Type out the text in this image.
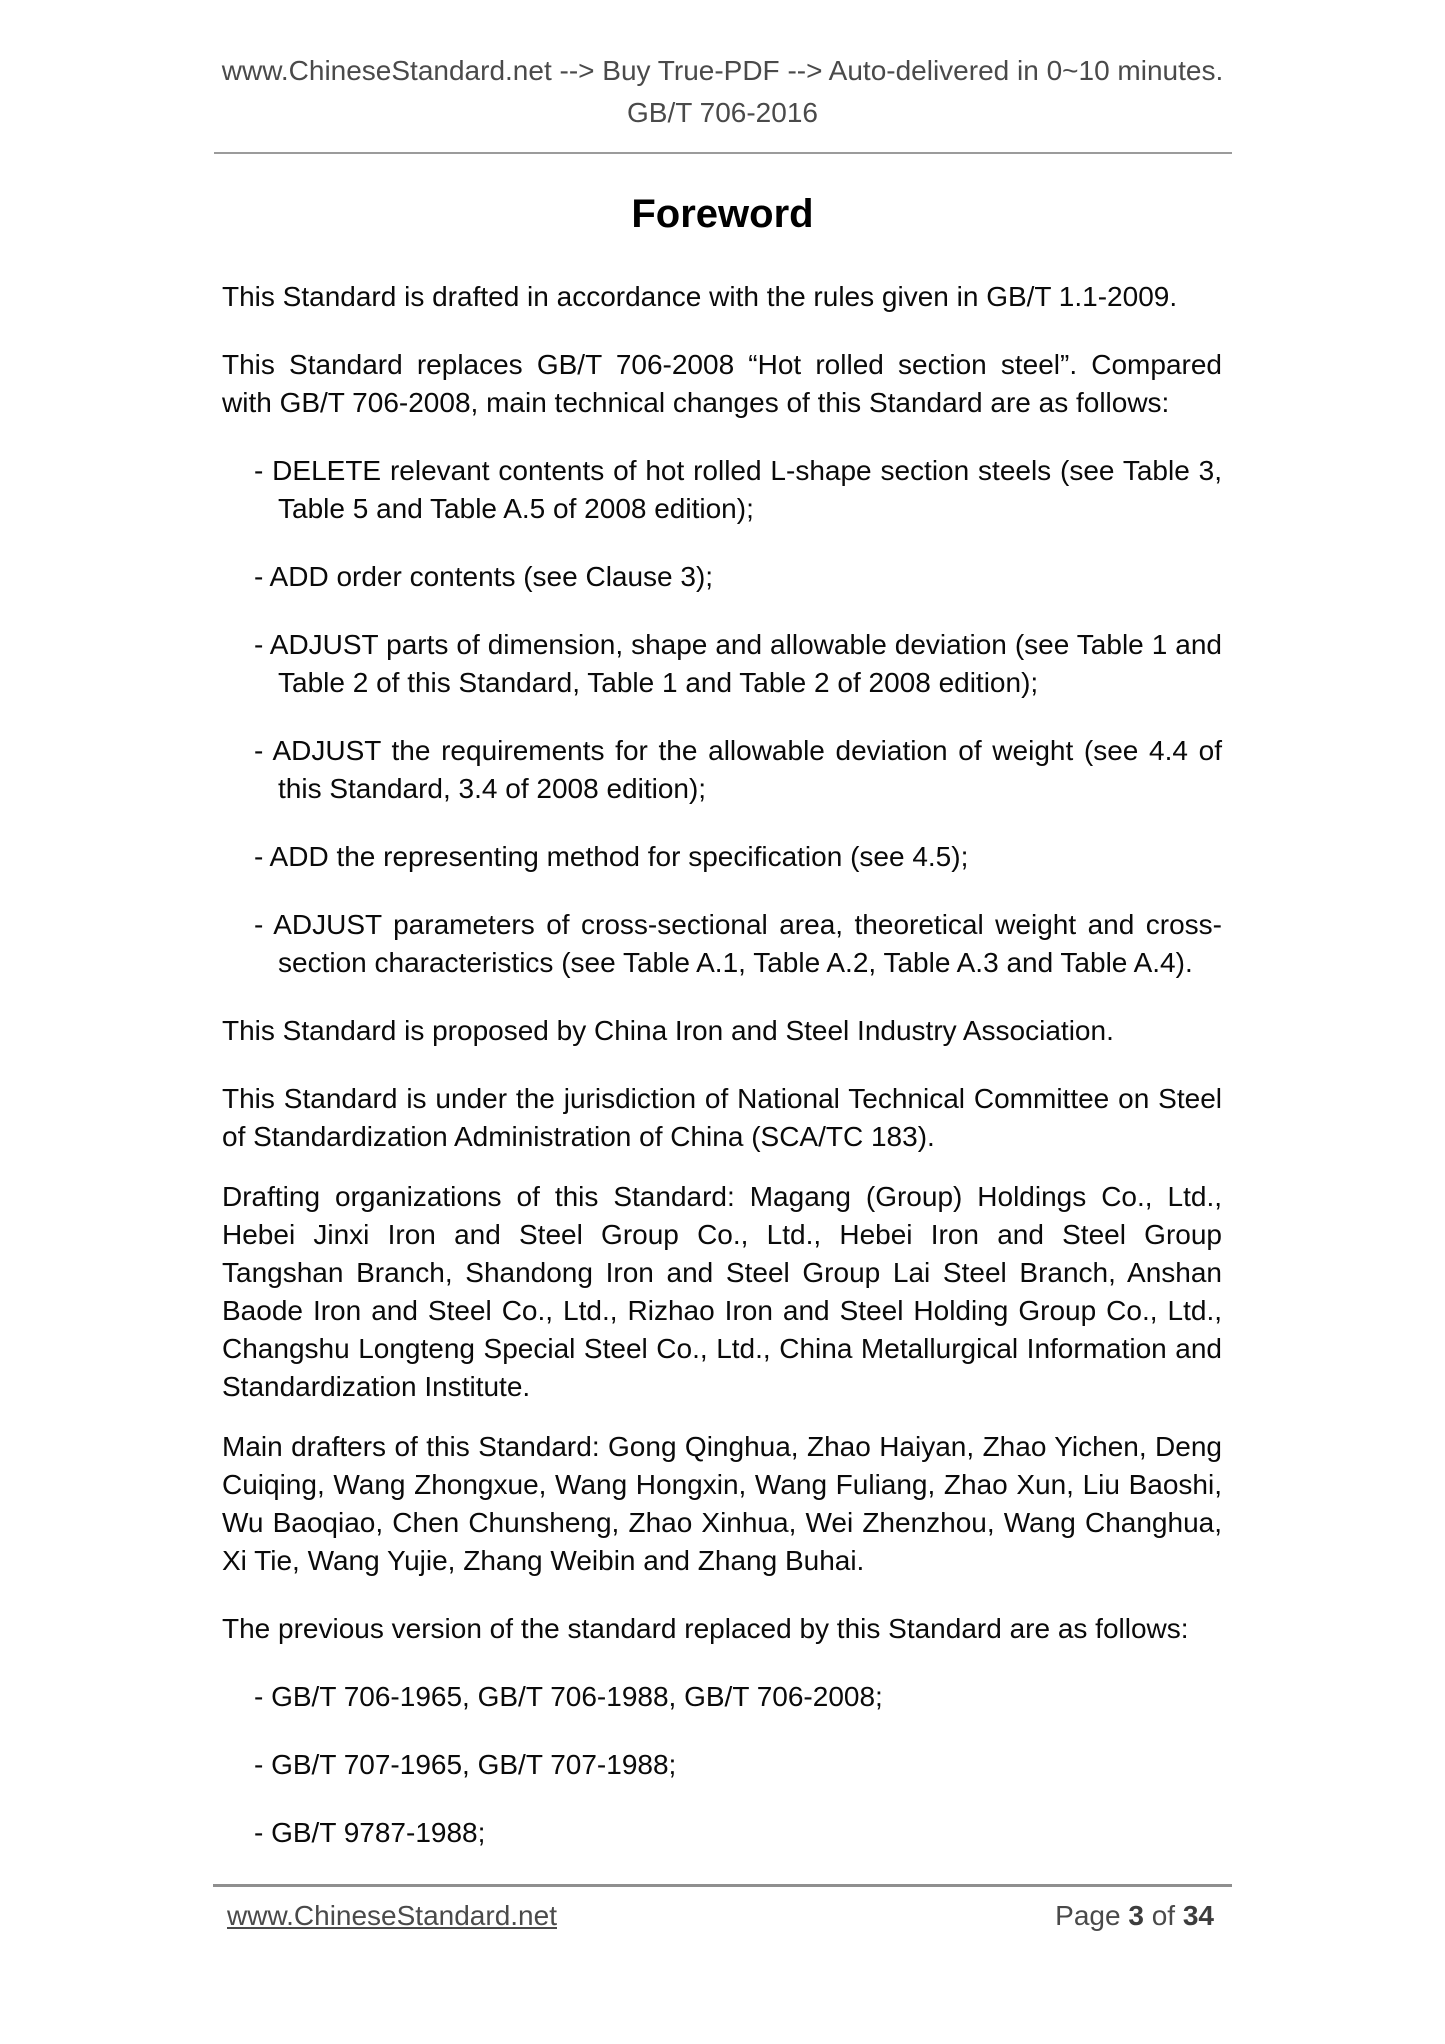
www.ChineseStandard.net --> Buy True-PDF --> Auto-delivered in 0~10 minutes.
GB/T 706-2016
Foreword

This Standard is drafted in accordance with the rules given in GB/T 1.1-2009.

This Standard replaces GB/T 706-2008 “Hot rolled section steel”. Compared with GB/T 706-2008, main technical changes of this Standard are as follows:

- DELETE relevant contents of hot rolled L-shape section steels (see Table 3, Table 5 and Table A.5 of 2008 edition);

- ADD order contents (see Clause 3);

- ADJUST parts of dimension, shape and allowable deviation (see Table 1 and Table 2 of this Standard, Table 1 and Table 2 of 2008 edition);

- ADJUST the requirements for the allowable deviation of weight (see 4.4 of this Standard, 3.4 of 2008 edition);

- ADD the representing method for specification (see 4.5);

- ADJUST parameters of cross-sectional area, theoretical weight and cross-section characteristics (see Table A.1, Table A.2, Table A.3 and Table A.4).

This Standard is proposed by China Iron and Steel Industry Association.

This Standard is under the jurisdiction of National Technical Committee on Steel of Standardization Administration of China (SCA/TC 183).

Drafting organizations of this Standard: Magang (Group) Holdings Co., Ltd., Hebei Jinxi Iron and Steel Group Co., Ltd., Hebei Iron and Steel Group Tangshan Branch, Shandong Iron and Steel Group Lai Steel Branch, Anshan Baode Iron and Steel Co., Ltd., Rizhao Iron and Steel Holding Group Co., Ltd., Changshu Longteng Special Steel Co., Ltd., China Metallurgical Information and Standardization Institute.

Main drafters of this Standard: Gong Qinghua, Zhao Haiyan, Zhao Yichen, Deng Cuiqing, Wang Zhongxue, Wang Hongxin, Wang Fuliang, Zhao Xun, Liu Baoshi, Wu Baoqiao, Chen Chunsheng, Zhao Xinhua, Wei Zhenzhou, Wang Changhua, Xi Tie, Wang Yujie, Zhang Weibin and Zhang Buhai.

The previous version of the standard replaced by this Standard are as follows:

- GB/T 706-1965, GB/T 706-1988, GB/T 706-2008;

- GB/T 707-1965, GB/T 707-1988;

- GB/T 9787-1988;

www.ChineseStandard.net	Page 3 of 34
